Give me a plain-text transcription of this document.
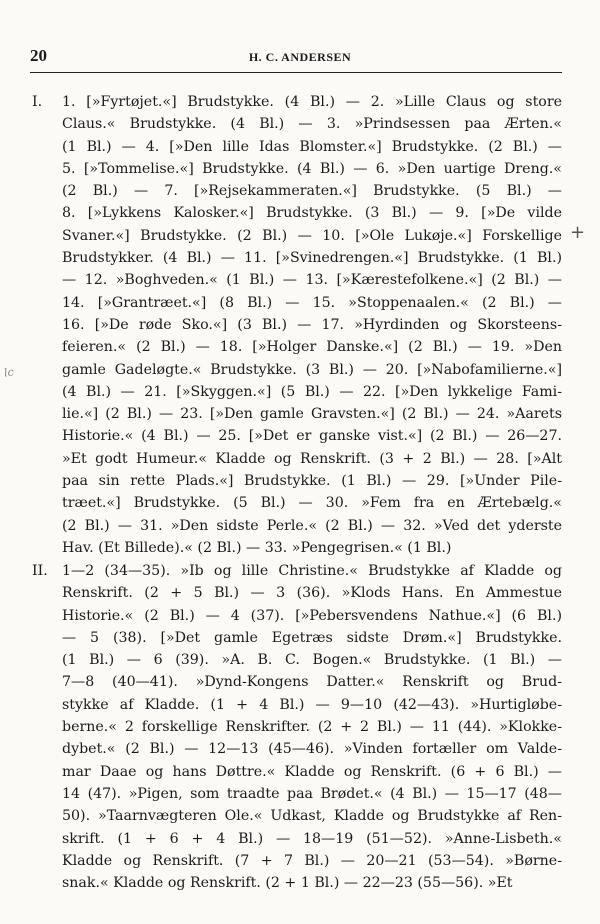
20	H. C. ANDERSEN
I. 1. [»Fyrtøjet.«] Brudstykke. (4 Bl.) — 2. »Lille Claus og store
Claus.« Brudstykke. (4 Bl.) — 3. »Prindsessen paa Ærten.«
(1 Bl.) — 4. [»Den lille Idas Blomster.«] Brudstykke. (2 Bl.) —
5. [»Tommelise.«] Brudstykke. (4 Bl.) — 6. »Den uartige Dreng.«
(2 Bl.) — 7. [»Rejsekammeraten.«] Brudstykke. (5 Bl.) —
8. [»Lykkens Kalosker.«] Brudstykke. (3 Bl.) — 9. [»De vilde
Svaner.«] Brudstykke. (2 Bl.) — 10. [»Ole Lukøje.«] Forskellige
Brudstykker. (4 Bl.) — 11. [»Svinedrengen.«] Brudstykke. (1 Bl.)
— 12. »Boghveden.« (1 Bl.) — 13. [»Kærestefolkene.«] (2 Bl.) —
14. [»Grantræet.«] (8 Bl.) — 15. »Stoppenaalen.« (2 Bl.) —
16. [»De røde Sko.«] (3 Bl.) — 17. »Hyrdinden og Skorsteens-
feieren.« (2 Bl.) — 18. [»Holger Danske.«] (2 Bl.) — 19. »Den
gamle Gadeløgte.« Brudstykke. (3 Bl.) — 20. [»Nabofamilierne.«]
(4 Bl.) — 21. [»Skyggen.«] (5 Bl.) — 22. [»Den lykkelige Fami-
lie.«] (2 Bl.) — 23. [»Den gamle Gravsten.«] (2 Bl.) — 24. »Aarets
Historie.« (4 Bl.) — 25. [»Det er ganske vist.«] (2 Bl.) — 26—27.
»Et godt Humeur.« Kladde og Renskrift. (3 + 2 Bl.) — 28. [»Alt
paa sin rette Plads.«] Brudstykke. (1 Bl.) — 29. [»Under Pile-
træet.«] Brudstykke. (5 Bl.) — 30. »Fem fra en Ærtebælg.«
(2 Bl.) — 31. »Den sidste Perle.« (2 Bl.) — 32. »Ved det yderste
Hav. (Et Billede).« (2 Bl.) — 33. »Pengegrisen.« (1 Bl.)
II. 1—2 (34—35). »Ib og lille Christine.« Brudstykke af Kladde og
Renskrift. (2 + 5 Bl.) — 3 (36). »Klods Hans. En Ammestue
Historie.« (2 Bl.) — 4 (37). [»Pebersvendens Nathue.«] (6 Bl.)
— 5 (38). [»Det gamle Egetræs sidste Drøm.«] Brudstykke.
(1 Bl.) — 6 (39). »A. B. C. Bogen.« Brudstykke. (1 Bl.) —
7—8 (40—41). »Dynd-Kongens Datter.« Renskrift og Brud-
stykke af Kladde. (1 + 4 Bl.) — 9—10 (42—43). »Hurtigløbe-
berne.« 2 forskellige Renskrifter. (2 + 2 Bl.) — 11 (44). »Klokke-
dybet.« (2 Bl.) — 12—13 (45—46). »Vinden fortæller om Valde-
mar Daae og hans Døttre.« Kladde og Renskrift. (6 + 6 Bl.) —
14 (47). »Pigen, som traadte paa Brødet.« (4 Bl.) — 15—17 (48—
50). »Taarnvægteren Ole.« Udkast, Kladde og Brudstykke af Ren-
skrift. (1 + 6 + 4 Bl.) — 18—19 (51—52). »Anne-Lisbeth.«
Kladde og Renskrift. (7 + 7 Bl.) — 20—21 (53—54). »Børne-
snak.« Kladde og Renskrift. (2 + 1 Bl.) — 22—23 (55—56). »Et
+
lc
